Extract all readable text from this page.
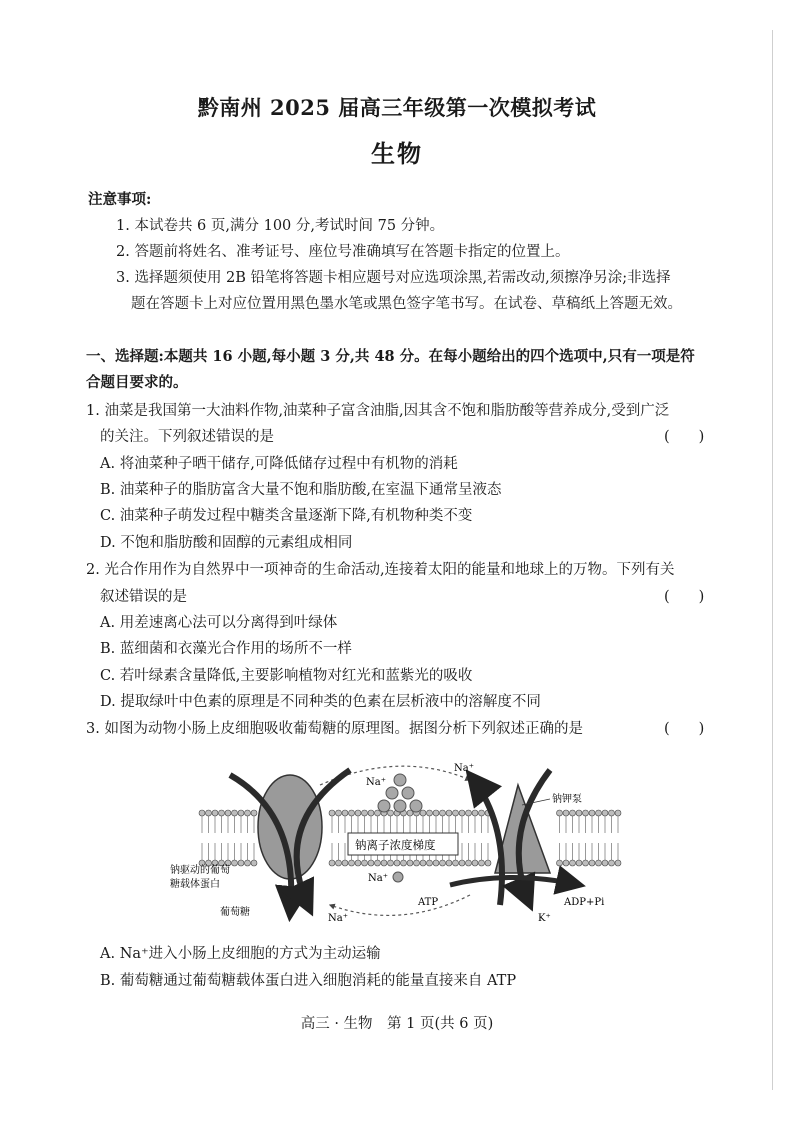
黔南州 2025 届高三年级第一次模拟考试
生物
注意事项:
1. 本试卷共 6 页,满分 100 分,考试时间 75 分钟。
2. 答题前将姓名、准考证号、座位号准确填写在答题卡指定的位置上。
3. 选择题须使用 2B 铅笔将答题卡相应题号对应选项涂黑,若需改动,须擦净另涂;非选择
题在答题卡上对应位置用黑色墨水笔或黑色签字笔书写。在试卷、草稿纸上答题无效。
一、选择题:本题共 16 小题,每小题 3 分,共 48 分。在每小题给出的四个选项中,只有一项是符
合题目要求的。
1. 油菜是我国第一大油料作物,油菜种子富含油脂,因其含不饱和脂肪酸等营养成分,受到广泛
的关注。下列叙述错误的是	(　　)
A. 将油菜种子晒干储存,可降低储存过程中有机物的消耗
B. 油菜种子的脂肪富含大量不饱和脂肪酸,在室温下通常呈液态
C. 油菜种子萌发过程中糖类含量逐渐下降,有机物种类不变
D. 不饱和脂肪酸和固醇的元素组成相同
2. 光合作用作为自然界中一项神奇的生命活动,连接着太阳的能量和地球上的万物。下列有关
叙述错误的是	(　　)
A. 用差速离心法可以分离得到叶绿体
B. 蓝细菌和衣藻光合作用的场所不一样
C. 若叶绿素含量降低,主要影响植物对红光和蓝紫光的吸收
D. 提取绿叶中色素的原理是不同种类的色素在层析液中的溶解度不同
3. 如图为动物小肠上皮细胞吸收葡萄糖的原理图。据图分析下列叙述正确的是	(　　)
Na⁺
Na⁺
钠钾泵
钠离子浓度梯度
Na⁺
钠驱动的葡萄
糖载体蛋白
葡萄糖
Na⁺
ATP	ADP+Pi
K⁺
A. Na⁺进入小肠上皮细胞的方式为主动运输
B. 葡萄糖通过葡萄糖载体蛋白进入细胞消耗的能量直接来自 ATP
高三 · 生物　第 1 页(共 6 页)
